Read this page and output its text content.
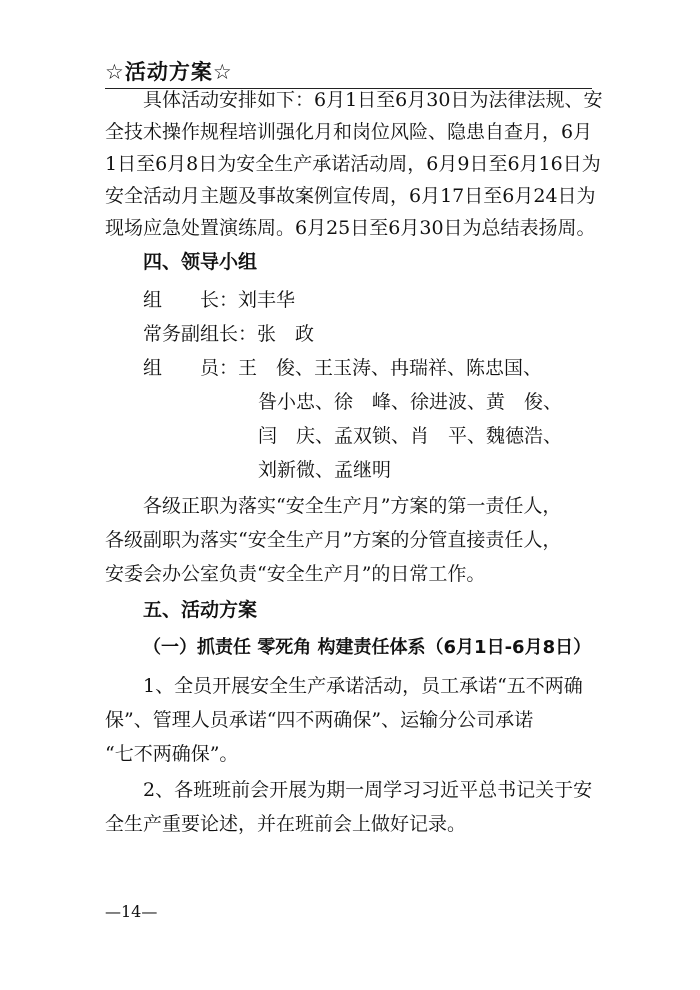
☆活动方案☆
具体活动安排如下：6月1日至6月30日为法律法规、安
全技术操作规程培训强化月和岗位风险、隐患自查月，6月
1日至6月8日为安全生产承诺活动周，6月9日至6月16日为
安全活动月主题及事故案例宣传周，6月17日至6月24日为
现场应急处置演练周。6月25日至6月30日为总结表扬周。
四、领导小组
组　　长：刘丰华
常务副组长：张　政
组　　员：王　俊、王玉涛、冉瑞祥、陈忠国、
昝小忠、徐　峰、徐进波、黄　俊、
闫　庆、孟双锁、肖　平、魏德浩、
刘新微、孟继明
各级正职为落实“安全生产月”方案的第一责任人，
各级副职为落实“安全生产月”方案的分管直接责任人，
安委会办公室负责“安全生产月”的日常工作。
五、活动方案
（一）抓责任 零死角 构建责任体系（6月1日-6月8日）
1、全员开展安全生产承诺活动，员工承诺“五不两确
保”、管理人员承诺“四不两确保”、运输分公司承诺
“七不两确保”。
2、各班班前会开展为期一周学习习近平总书记关于安
全生产重要论述，并在班前会上做好记录。
—14—
